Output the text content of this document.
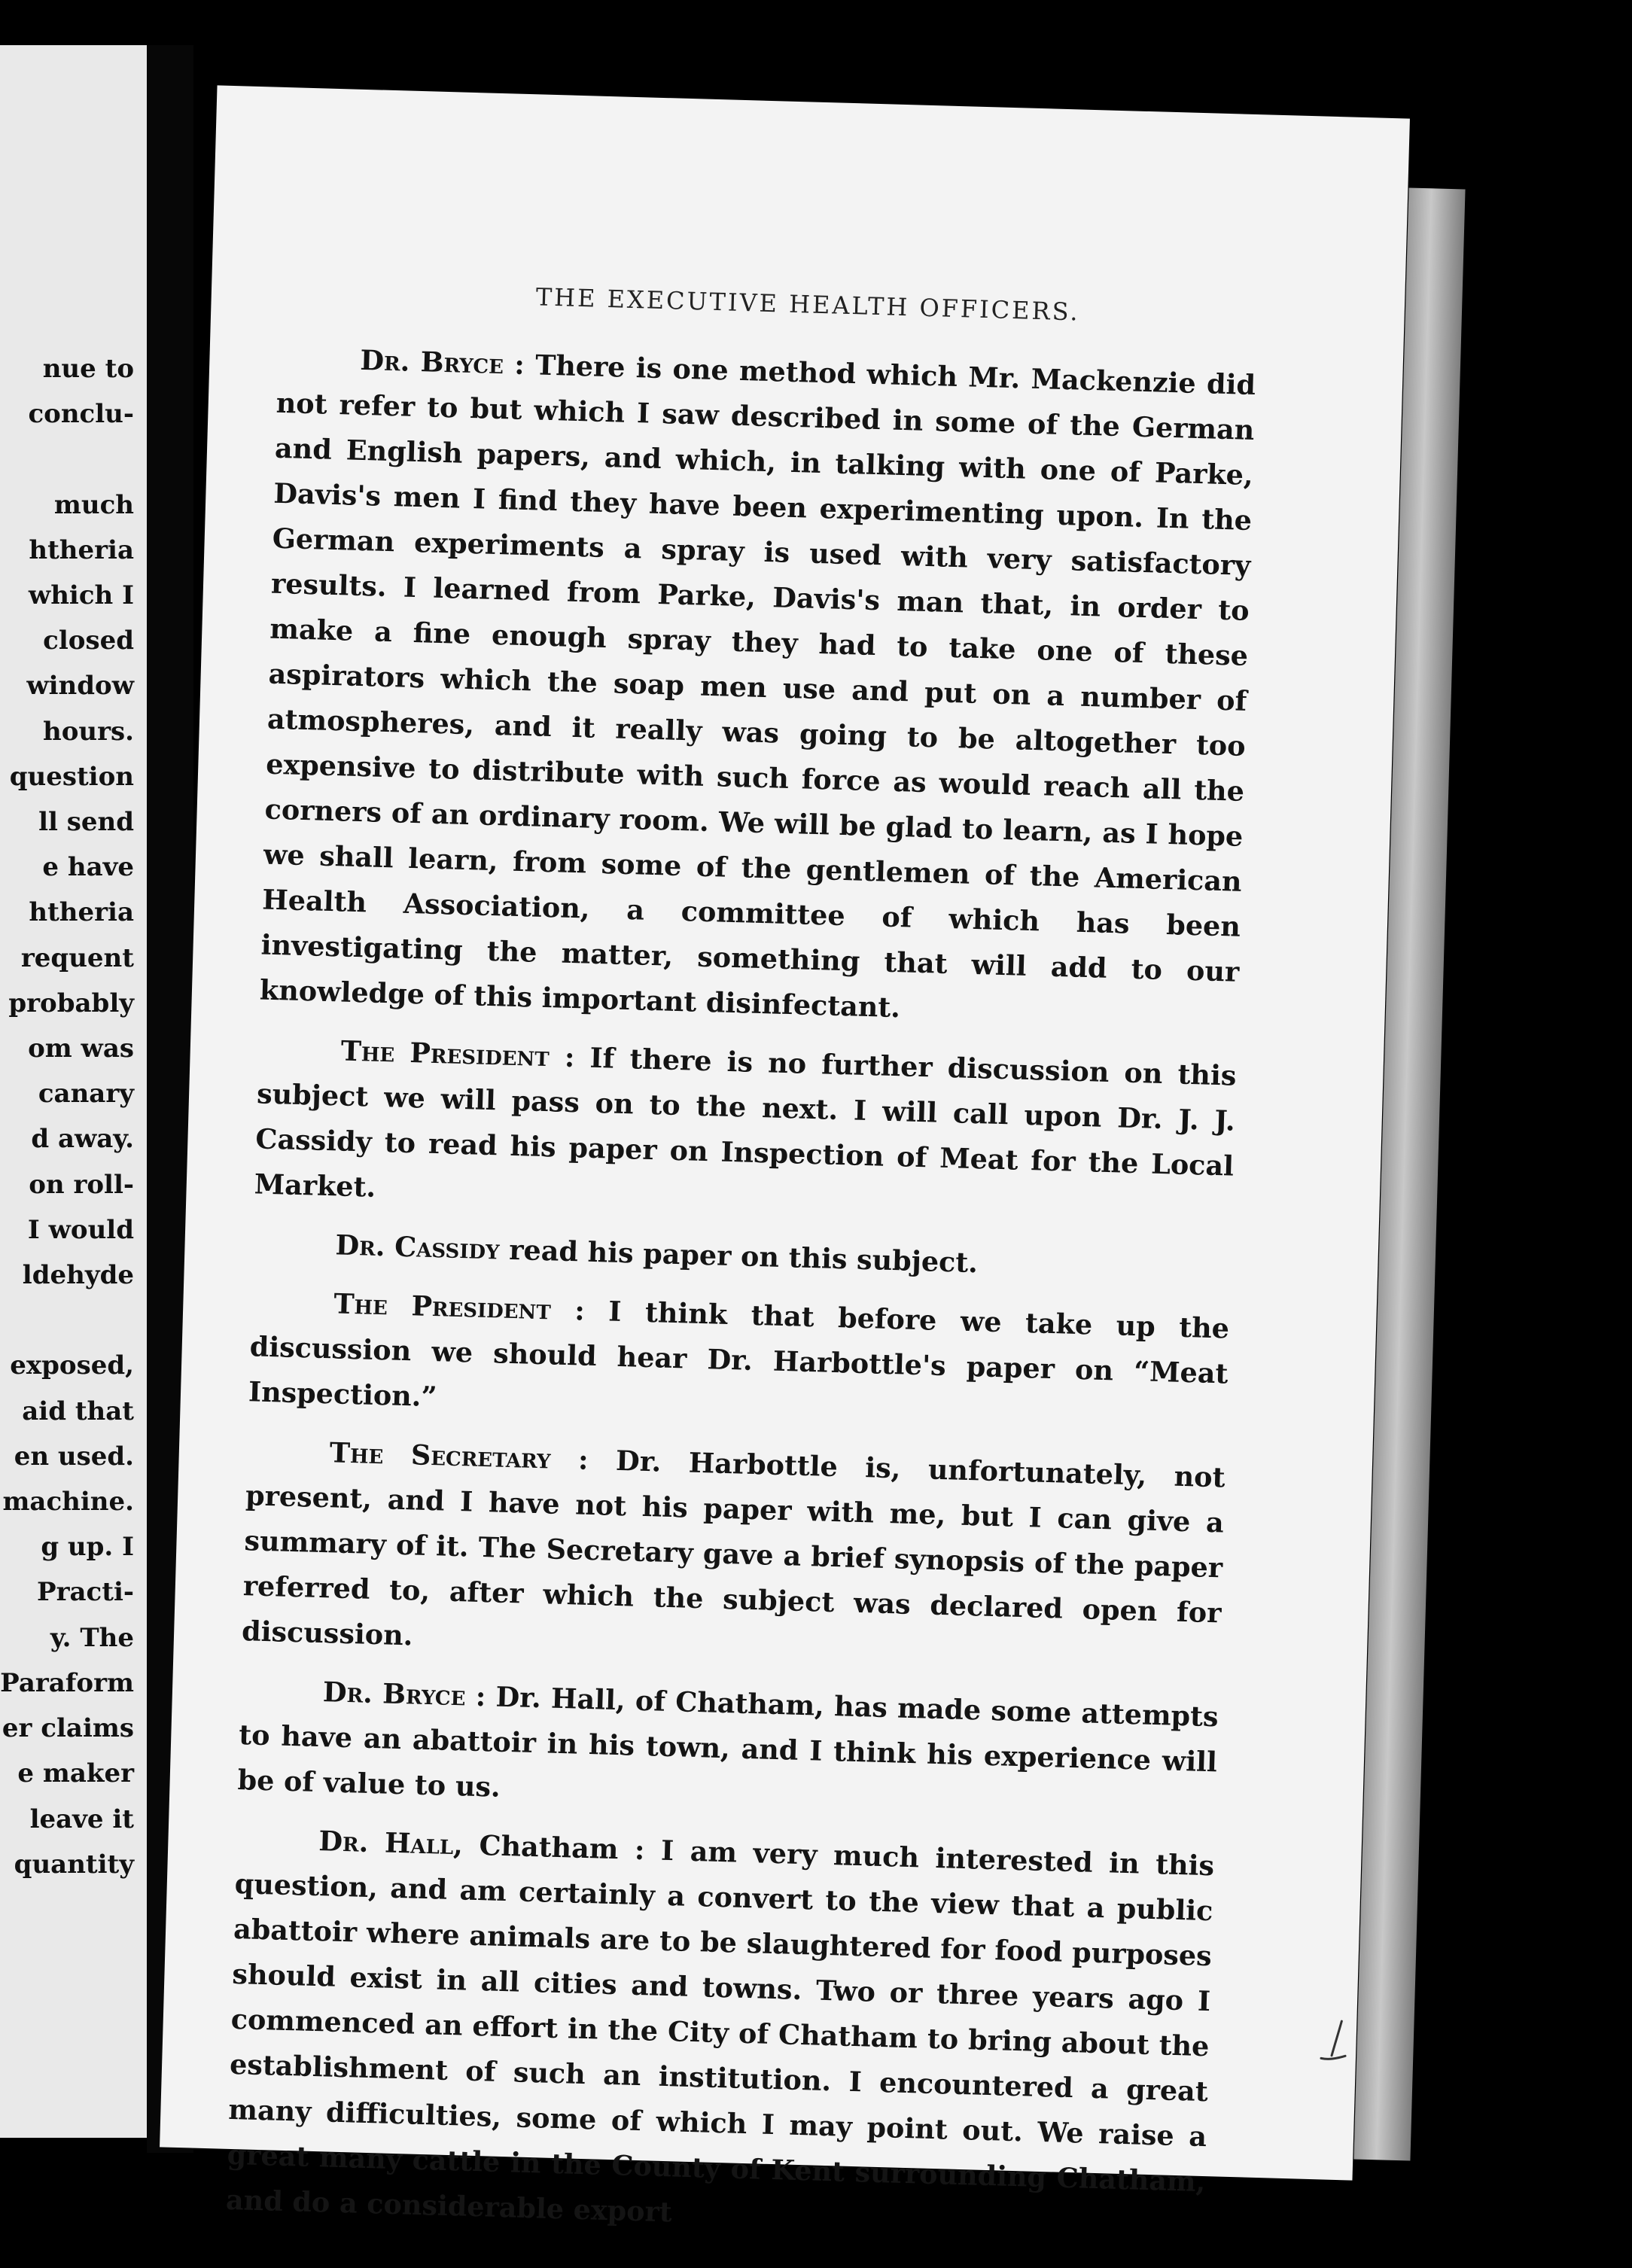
nue to
conclu-

much
htheria
which I
closed
window
hours.
question
ll send
e have
htheria
requent
probably
om was
canary
d away.
on roll-
I would
ldehyde

exposed,
aid that
en used.
machine.
g up. I
Practi-
y. The
Paraform
er claims
e maker
leave it
quantity
THE EXECUTIVE HEALTH OFFICERS.

Dr. Bryce : There is one method which Mr. Mackenzie did not refer to but which I saw described in some of the German and English papers, and which, in talking with one of Parke, Davis's men I find they have been experimenting upon. In the German experiments a spray is used with very satisfactory results. I learned from Parke, Davis's man that, in order to make a fine enough spray they had to take one of these aspirators which the soap men use and put on a number of atmospheres, and it really was going to be altogether too expensive to distribute with such force as would reach all the corners of an ordinary room. We will be glad to learn, as I hope we shall learn, from some of the gentlemen of the American Health Association, a committee of which has been investigating the matter, something that will add to our knowledge of this important disinfectant.

The President : If there is no further discussion on this subject we will pass on to the next. I will call upon Dr. J. J. Cassidy to read his paper on Inspection of Meat for the Local Market.

Dr. Cassidy read his paper on this subject.

The President : I think that before we take up the discussion we should hear Dr. Harbottle's paper on “Meat Inspection.”

The Secretary : Dr. Harbottle is, unfortunately, not present, and I have not his paper with me, but I can give a summary of it. The Secretary gave a brief synopsis of the paper referred to, after which the subject was declared open for discussion.

Dr. Bryce : Dr. Hall, of Chatham, has made some attempts to have an abattoir in his town, and I think his experience will be of value to us.

Dr. Hall, Chatham : I am very much interested in this question, and am certainly a convert to the view that a public abattoir where animals are to be slaughtered for food purposes should exist in all cities and towns. Two or three years ago I commenced an effort in the City of Chatham to bring about the establishment of such an institution. I encountered a great many difficulties, some of which I may point out. We raise a great many cattle in the County of Kent surrounding Chatham, and do a considerable export
